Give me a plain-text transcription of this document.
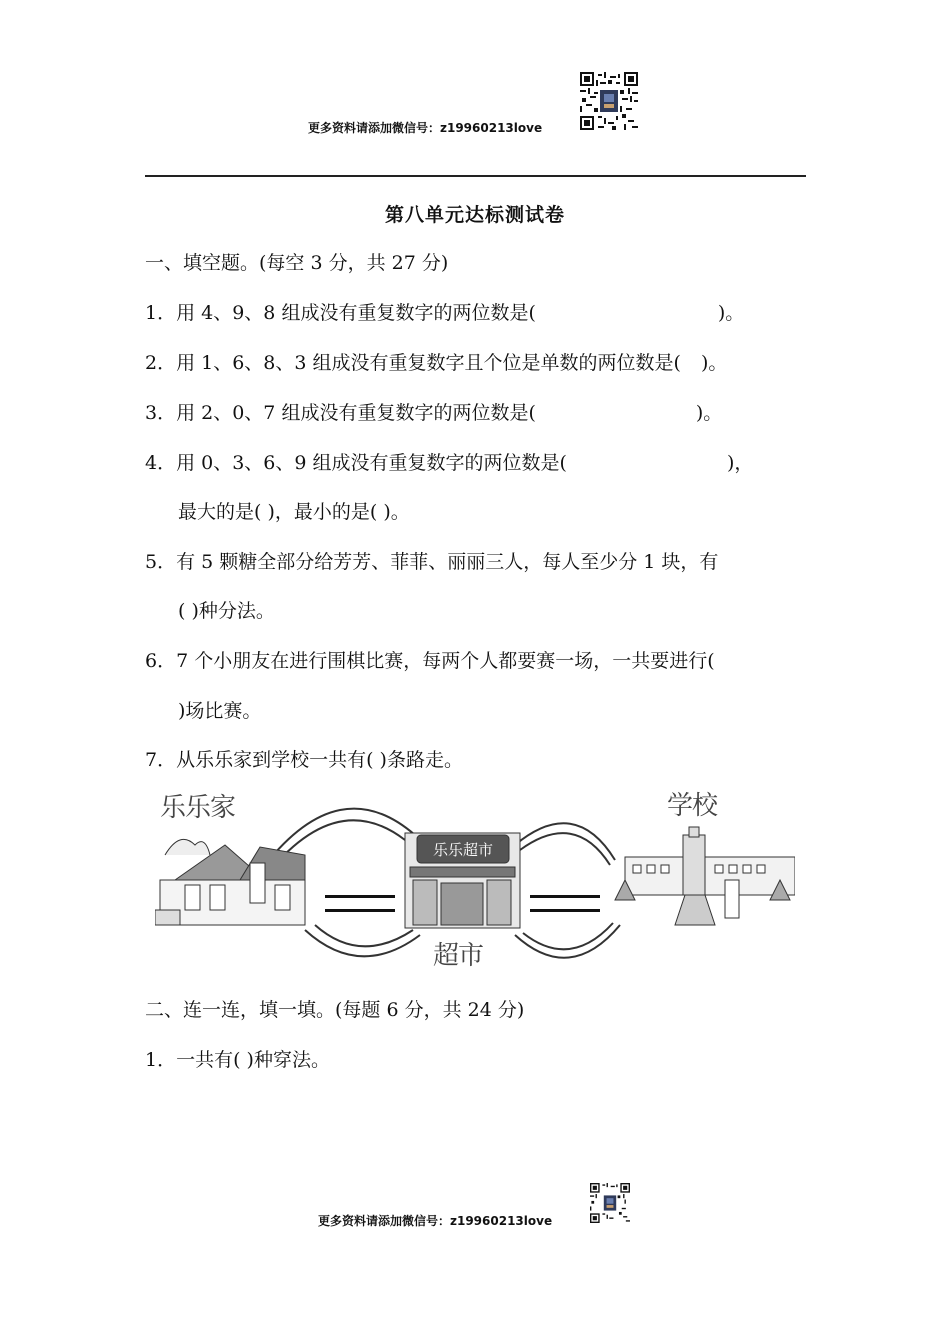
更多资料请添加微信号：z19960213love
第八单元达标测试卷
一、填空题。(每空 3 分，共 27 分)
1．用 4、9、8 组成没有重复数字的两位数是(	)。
2．用 1、6、8、3 组成没有重复数字且个位是单数的两位数是( )。
3．用 2、0、7 组成没有重复数字的两位数是(	)。
4．用 0、3、6、9 组成没有重复数字的两位数是(	)，
最大的是( )，最小的是( )。
5．有 5 颗糖全部分给芳芳、菲菲、丽丽三人，每人至少分 1 块，有
( )种分法。
6．7 个小朋友在进行围棋比赛，每两个人都要赛一场，一共要进行(
)场比赛。
7．从乐乐家到学校一共有( )条路走。
乐乐超市
乐乐家	学校
超市
二、连一连，填一填。(每题 6 分，共 24 分)
1．一共有( )种穿法。
更多资料请添加微信号：z19960213love
